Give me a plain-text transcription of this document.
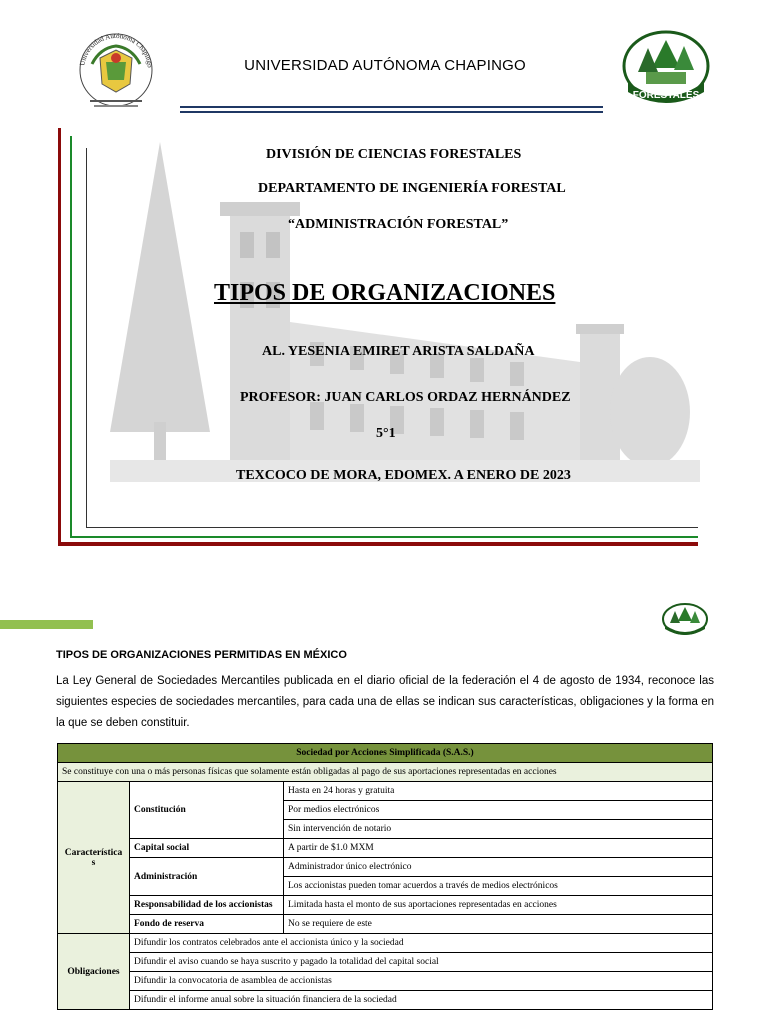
Universidad Autónoma Chapingo
FORESTALES
UNIVERSIDAD AUTÓNOMA CHAPINGO
DIVISIÓN DE CIENCIAS FORESTALES
DEPARTAMENTO DE INGENIERÍA FORESTAL
“ADMINISTRACIÓN FORESTAL”
TIPOS DE ORGANIZACIONES
AL. YESENIA EMIRET ARISTA SALDAÑA
PROFESOR: JUAN CARLOS ORDAZ HERNÁNDEZ
5°1
TEXCOCO DE MORA, EDOMEX. A ENERO DE 2023
TIPOS DE ORGANIZACIONES PERMITIDAS EN MÉXICO

La Ley General de Sociedades Mercantiles publicada en el diario oficial de la federación el 4 de agosto de 1934, reconoce las siguientes especies de sociedades mercantiles, para cada una de ellas se indican sus características, obligaciones y la forma en la que se deben constituir.

Sociedad por Acciones Simplificada (S.A.S.)		
Se constituye con una o más personas físicas que solamente están obligadas al pago de sus aportaciones representadas en acciones		
Característica s	Constitución	Hasta en 24 horas y gratuita
		Por medios electrónicos
		Sin intervención de notario
	Capital social	A partir de $1.0 MXM
	Administración	Administrador único electrónico
		Los accionistas pueden tomar acuerdos a través de medios electrónicos
	Responsabilidad de los accionistas	Limitada hasta el monto de sus aportaciones representadas en acciones
	Fondo de reserva	No se requiere de este
Obligaciones	Difundir los contratos celebrados ante el accionista único y la sociedad	
	Difundir el aviso cuando se haya suscrito y pagado la totalidad del capital social	
	Difundir la convocatoria de asamblea de accionistas	
	Difundir el informe anual sobre la situación financiera de la sociedad	
